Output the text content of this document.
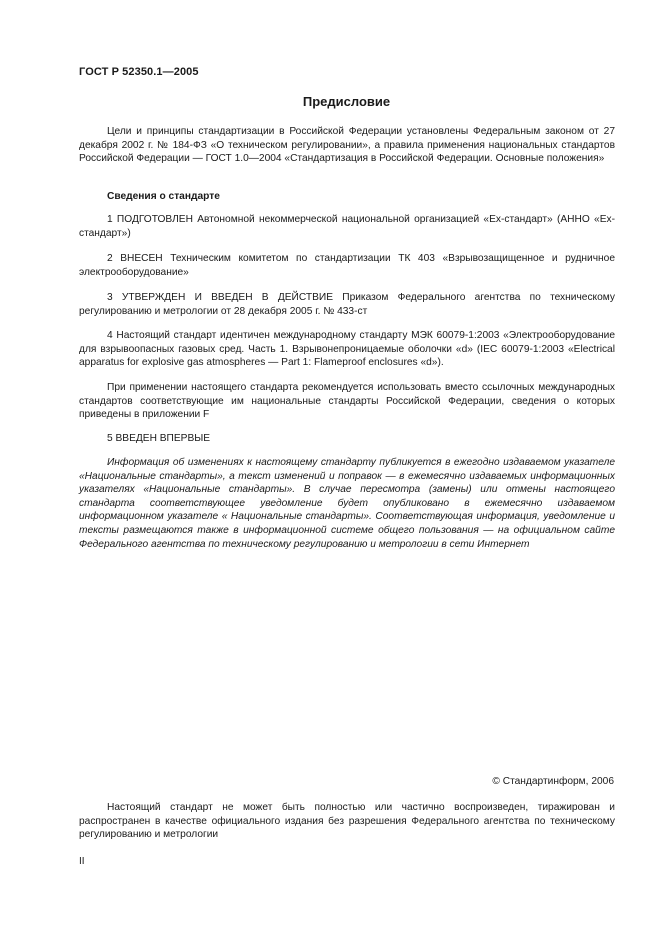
ГОСТ Р 52350.1—2005
Предисловие

Цели и принципы стандартизации в Российской Федерации установлены Федеральным законом от 27 декабря 2002 г. № 184-ФЗ «О техническом регулировании», а правила применения национальных стандартов Российской Федерации — ГОСТ 1.0—2004 «Стандартизация в Российской Федерации. Основные положения»

Сведения о стандарте

1 ПОДГОТОВЛЕН Автономной некоммерческой национальной организацией «Ех-стандарт» (АННО «Ех-стандарт»)

2 ВНЕСЕН Техническим комитетом по стандартизации ТК 403 «Взрывозащищенное и рудничное электрооборудование»

3 УТВЕРЖДЕН И ВВЕДЕН В ДЕЙСТВИЕ Приказом Федерального агентства по техническому регулированию и метрологии от 28 декабря 2005 г. № 433-ст

4 Настоящий стандарт идентичен международному стандарту МЭК 60079-1:2003 «Электрооборудование для взрывоопасных газовых сред. Часть 1. Взрывонепроницаемые оболочки «d» (IEC 60079-1:2003 «Electrical apparatus for explosive gas atmospheres — Part 1: Flameproof enclosures «d»).

При применении настоящего стандарта рекомендуется использовать вместо ссылочных международных стандартов соответствующие им национальные стандарты Российской Федерации, сведения о которых приведены в приложении F

5 ВВЕДЕН ВПЕРВЫЕ

Информация об изменениях к настоящему стандарту публикуется в ежегодно издаваемом указателе «Национальные стандарты», а текст изменений и поправок — в ежемесячно издаваемых информационных указателях «Национальные стандарты». В случае пересмотра (замены) или отмены настоящего стандарта соответствующее уведомление будет опубликовано в ежемесячно издаваемом информационном указателе « Национальные стандарты». Соответствующая информация, уведомление и тексты размещаются также в информационной системе общего пользования — на официальном сайте Федерального агентства по техническому регулированию и метрологии в сети Интернет

© Стандартинформ, 2006

Настоящий стандарт не может быть полностью или частично воспроизведен, тиражирован и распространен в качестве официального издания без разрешения Федерального агентства по техническому регулированию и метрологии

II
